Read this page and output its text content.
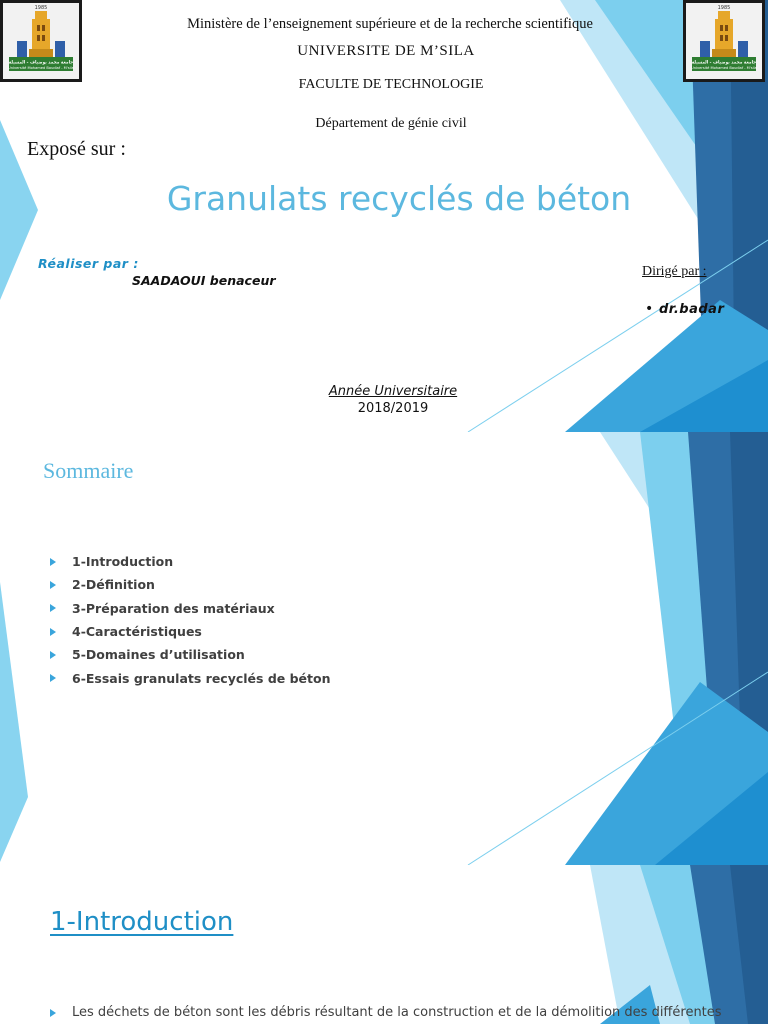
1985
جامعة محمد بوضياف - المسيلة
Université Mohamed Boudiaf - M'sila
1985
جامعة محمد بوضياف - المسيلة
Université Mohamed Boudiaf - M'sila
Ministère de l’enseignement supérieure et de la recherche scientifique
UNIVERSITE DE M’SILA
FACULTE DE TECHNOLOGIE
Département de génie civil
Exposé sur :
Granulats recyclés de béton
Réaliser par :
SAADAOUI benaceur
Dirigé par :
• dr.badar
Année Universitaire
2018/2019
Sommaire
1-Introduction
2-Définition
3-Préparation des matériaux
4-Caractéristiques
5-Domaines d’utilisation
6-Essais granulats recyclés de béton
1-Introduction
Les déchets de béton sont les débris résultant de la construction et de la démolition des différentes
